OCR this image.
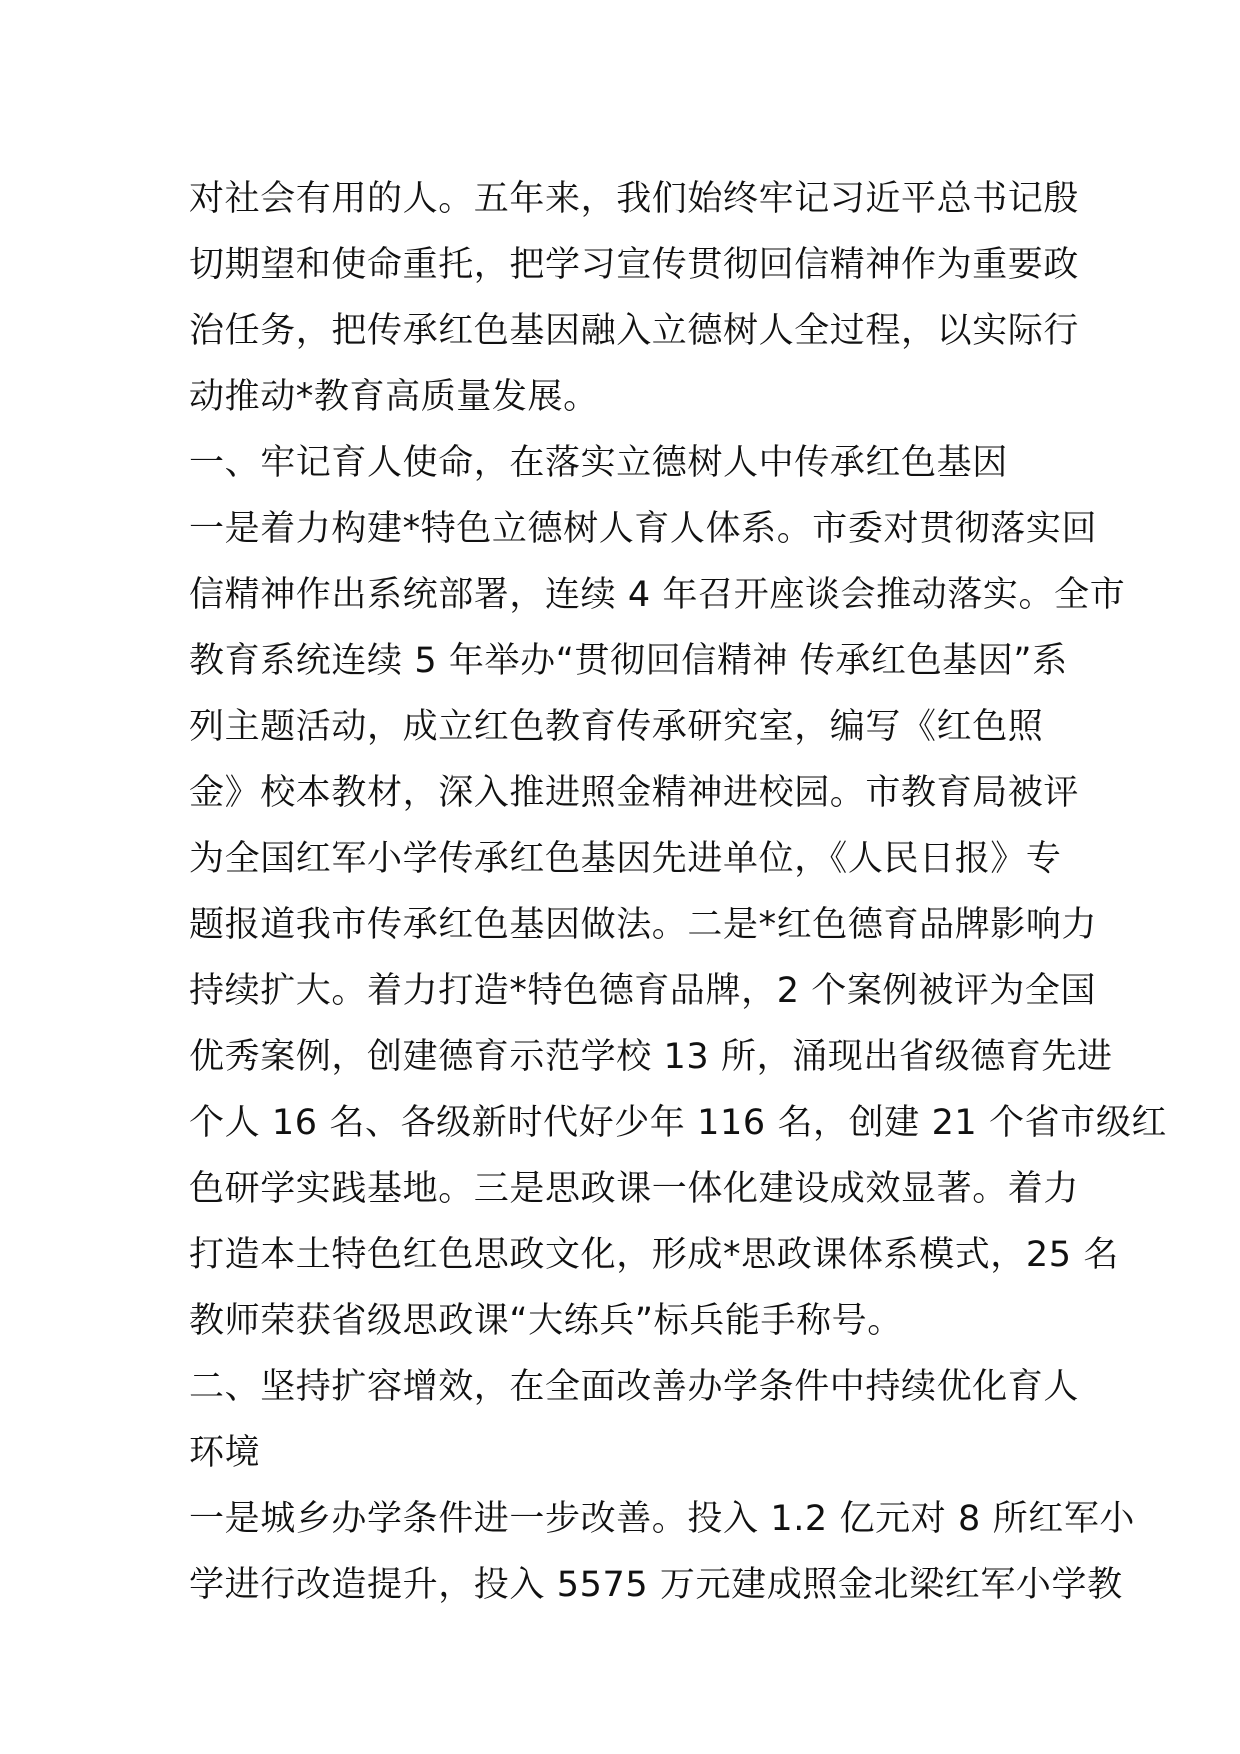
对社会有用的人。五年来，我们始终牢记习近平总书记殷
切期望和使命重托，把学习宣传贯彻回信精神作为重要政
治任务，把传承红色基因融入立德树人全过程，以实际行
动推动*教育高质量发展。
一、牢记育人使命，在落实立德树人中传承红色基因
一是着力构建*特色立德树人育人体系。市委对贯彻落实回
信精神作出系统部署，连续 4 年召开座谈会推动落实。全市
教育系统连续 5 年举办“贯彻回信精神 传承红色基因”系
列主题活动，成立红色教育传承研究室，编写《红色照
金》校本教材，深入推进照金精神进校园。市教育局被评
为全国红军小学传承红色基因先进单位，《人民日报》专
题报道我市传承红色基因做法。二是*红色德育品牌影响力
持续扩大。着力打造*特色德育品牌，2 个案例被评为全国
优秀案例，创建德育示范学校 13 所，涌现出省级德育先进
个人 16 名、各级新时代好少年 116 名，创建 21 个省市级红
色研学实践基地。三是思政课一体化建设成效显著。着力
打造本土特色红色思政文化，形成*思政课体系模式，25 名
教师荣获省级思政课“大练兵”标兵能手称号。
二、坚持扩容增效，在全面改善办学条件中持续优化育人
环境
一是城乡办学条件进一步改善。投入 1.2 亿元对 8 所红军小
学进行改造提升，投入 5575 万元建成照金北梁红军小学教
